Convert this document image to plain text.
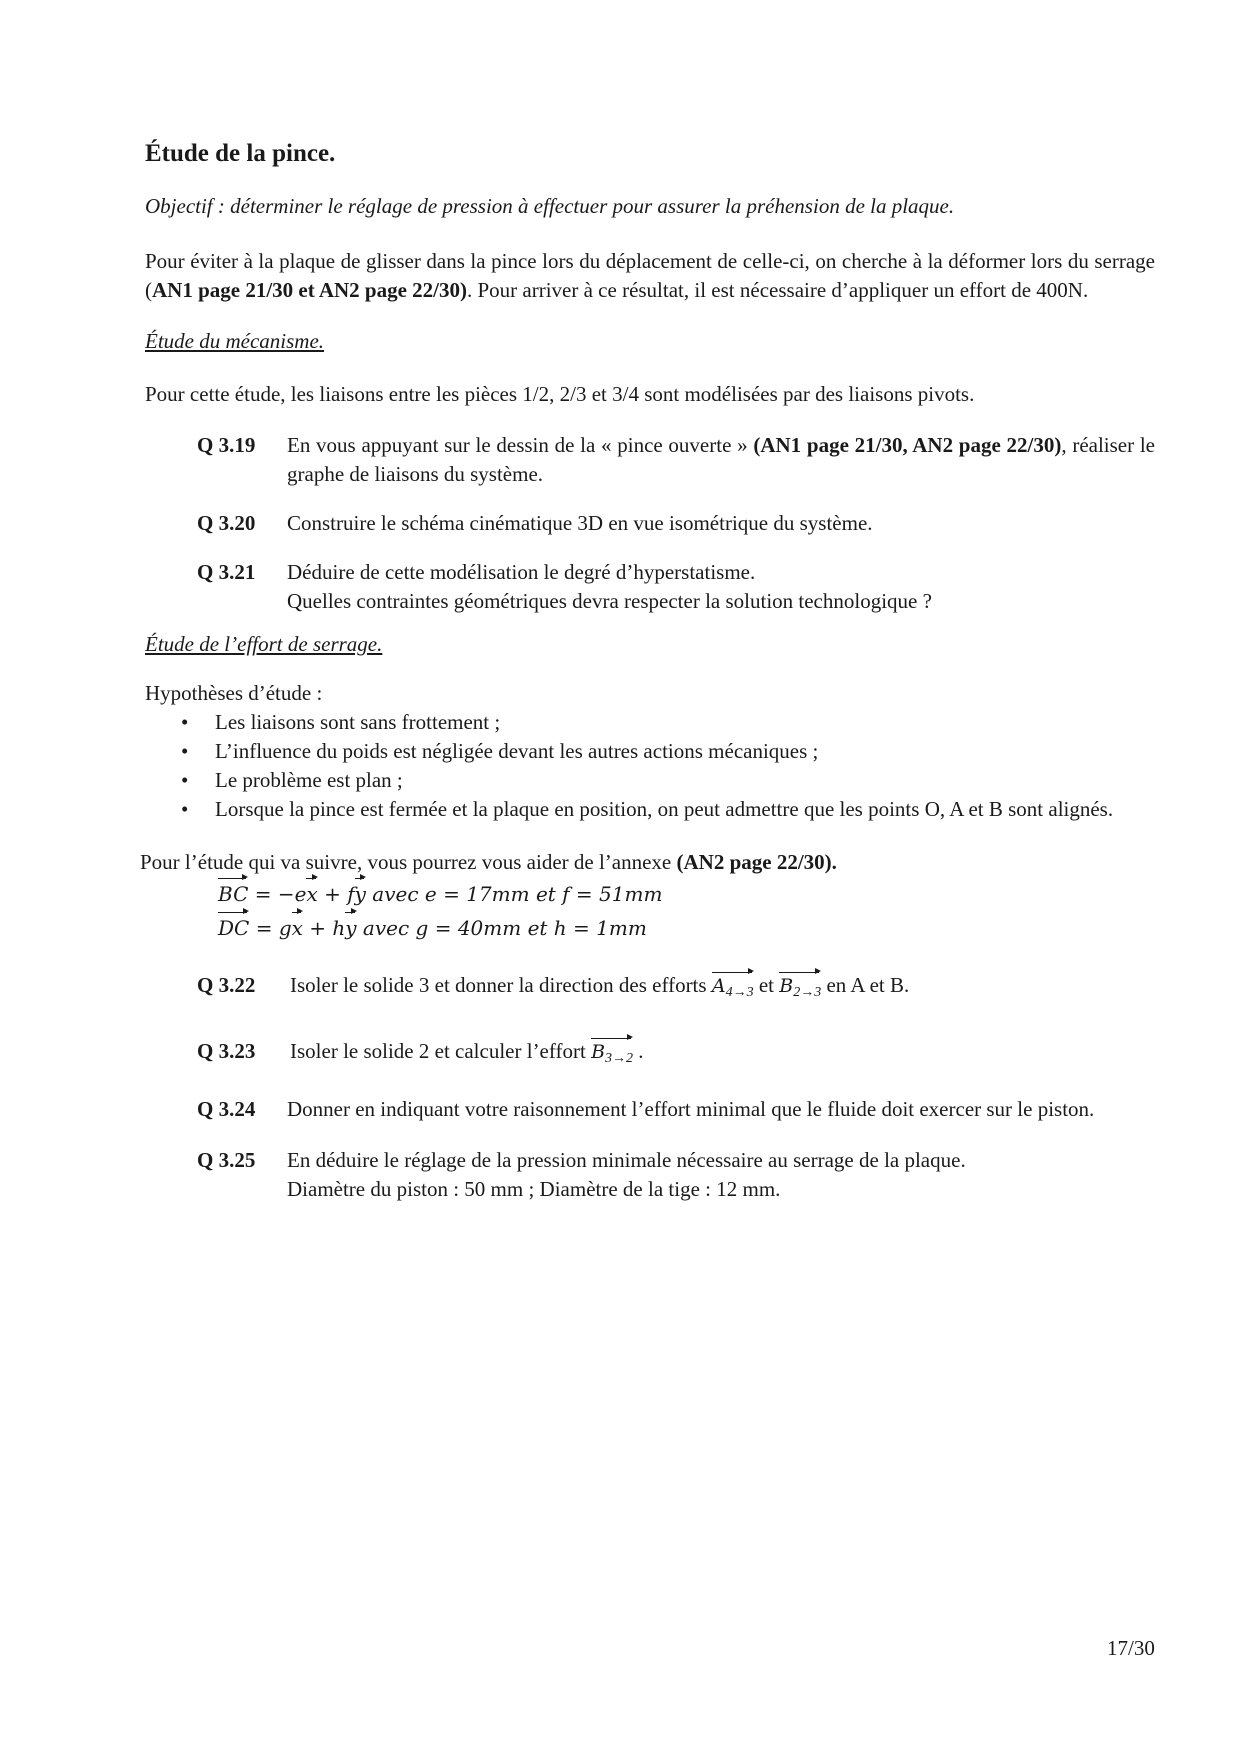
Étude de la pince.

Objectif : déterminer le réglage de pression à effectuer pour assurer la préhension de la plaque.

Pour éviter à la plaque de glisser dans la pince lors du déplacement de celle-ci, on cherche à la déformer lors du serrage (AN1 page 21/30 et AN2 page 22/30). Pour arriver à ce résultat, il est nécessaire d’appliquer un effort de 400N.

Étude du mécanisme.

Pour cette étude, les liaisons entre les pièces 1/2, 2/3 et 3/4 sont modélisées par des liaisons pivots.

Q 3.19	En vous appuyant sur le dessin de la « pince ouverte » (AN1 page 21/30, AN2 page 22/30), réaliser le graphe de liaisons du système.
Q 3.20	Construire le schéma cinématique 3D en vue isométrique du système.
Q 3.21	Déduire de cette modélisation le degré d’hyperstatisme.
Quelles contraintes géométriques devra respecter la solution technologique ?
Étude de l’effort de serrage.
Hypothèses d’étude :
• Les liaisons sont sans frottement ;
• L’influence du poids est négligée devant les autres actions mécaniques ;
• Le problème est plan ;
• Lorsque la pince est fermée et la plaque en position, on peut admettre que les points O, A et B sont alignés.

Pour l’étude qui va suivre, vous pourrez vous aider de l’annexe (AN2 page 22/30).

BC = −ex + fy avec e = 17mm et f = 51mm
DC = gx + hy avec g = 40mm et h = 1mm
Q 3.22	Isoler le solide 3 et donner la direction des efforts A4→3 et B2→3 en A et B.
Q 3.23	Isoler le solide 2 et calculer l’effort B3→2 .
Q 3.24	Donner en indiquant votre raisonnement l’effort minimal que le fluide doit exercer sur le piston.
Q 3.25	En déduire le réglage de la pression minimale nécessaire au serrage de la plaque.
Diamètre du piston : 50 mm ; Diamètre de la tige : 12 mm.
17/30
